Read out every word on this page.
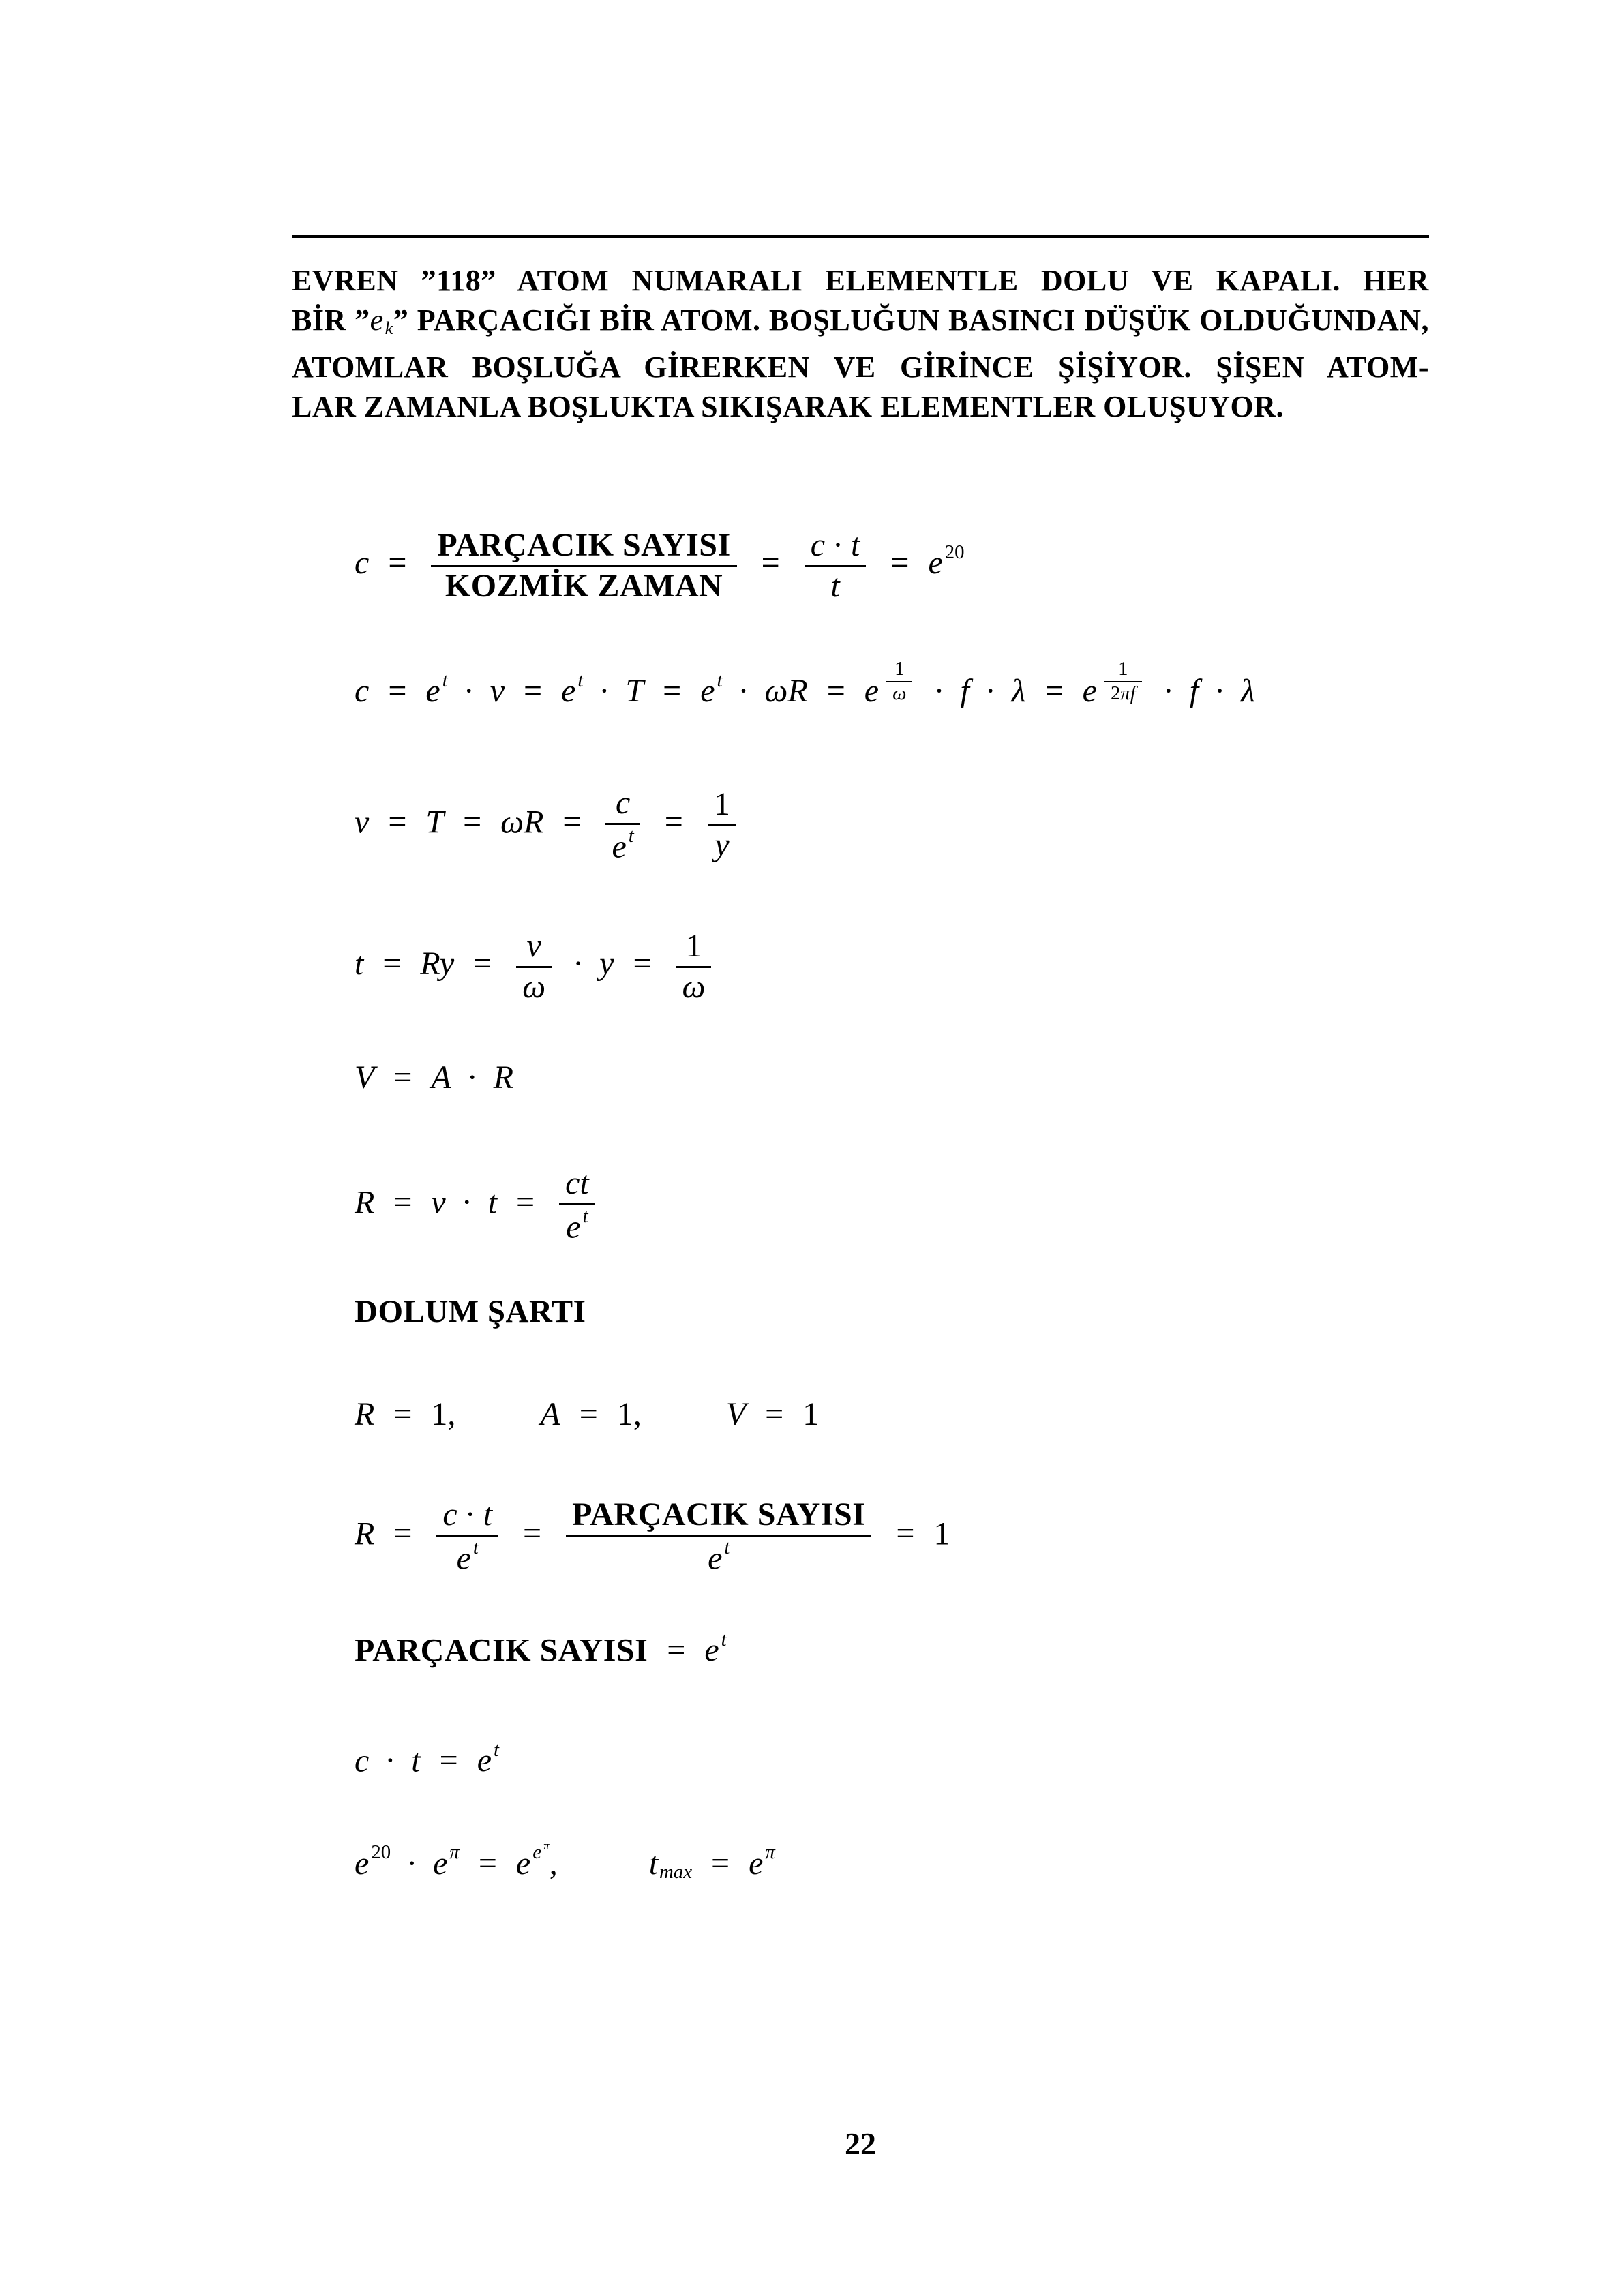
EVREN ”118” ATOM NUMARALI ELEMENTLE DOLU VE KAPALI. HER
BİR $”e_k$” PARÇACIĞI BİR ATOM. BOŞLUĞUN BASINCI DÜŞÜK OLDUĞUNDAN,
ATOMLAR BOŞLUĞA GİRERKEN VE GİRİNCE ŞİŞİYOR. ŞİŞEN ATOM-
LAR ZAMANLA BOŞLUKTA SIKIŞARAK ELEMENTLER OLUŞUYOR.
$c = \frac{\text{PARÇACIK SAYISI}}{\text{KOZMİK ZAMAN}} = \frac{c \cdot t}{t} = e$ $^{20}$
c = e $^t$ · v = e $^t$ · T = e $^t$ · ωR = e $^{\frac{1}{\omega}}$ · f · λ = e $^{\frac{1}{2\pi f}}$ · f · λ
$v = T = \omega R = \frac{c}{e ^t} = \frac{1}{y}$
$t = Ry = \frac{v}{\omega} \cdot y = \frac{1}{\omega}$
V = A · R
$R = v \cdot t = \frac{ct}{e ^t}$
DOLUM ŞARTI
R = 1,	A = 1,	V = 1
$R = \frac{c \cdot t}{e ^t} = \frac{\text{PARÇACIK SAYISI}}{e ^t} = 1$
PARÇACIK SAYISI = e $^t$
c · t = e $^t$
e $^{20}$ · e $^\pi$ = e $^{e ^\pi}$,	$t_{max} = e$ $^\pi$
22
